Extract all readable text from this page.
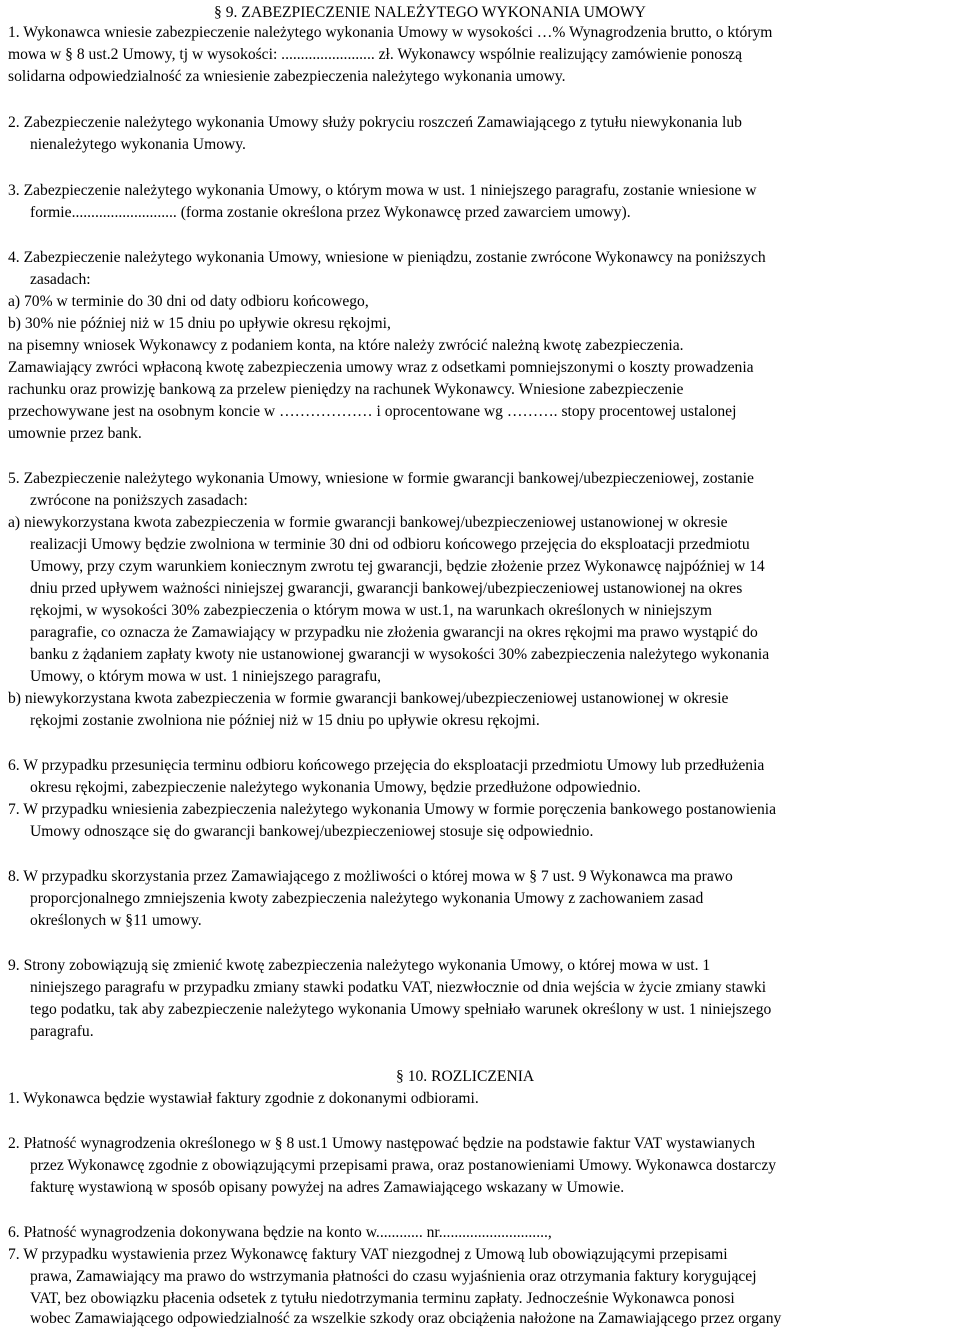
§ 9. ZABEZPIECZENIE NALEŻYTEGO WYKONANIA UMOWY
1. Wykonawca wniesie zabezpieczenie należytego wykonania Umowy w wysokości …% Wynagrodzenia brutto, o którym
mowa w § 8 ust.2 Umowy, tj w wysokości: ........................ zł. Wykonawcy wspólnie realizujący zamówienie ponoszą
solidarna odpowiedzialność za wniesienie zabezpieczenia należytego wykonania umowy.
2. Zabezpieczenie należytego wykonania Umowy służy pokryciu roszczeń Zamawiającego z tytułu niewykonania lub
nienależytego wykonania Umowy.
3. Zabezpieczenie należytego wykonania Umowy, o którym mowa w ust. 1 niniejszego paragrafu, zostanie wniesione w
formie........................... (forma zostanie określona przez Wykonawcę przed zawarciem umowy).
4. Zabezpieczenie należytego wykonania Umowy, wniesione w pieniądzu, zostanie zwrócone Wykonawcy na poniższych
zasadach:
a) 70% w terminie do 30 dni od daty odbioru końcowego,
b) 30% nie później niż w 15 dniu po upływie okresu rękojmi,
na pisemny wniosek Wykonawcy z podaniem konta, na które należy zwrócić należną kwotę zabezpieczenia.
Zamawiający zwróci wpłaconą kwotę zabezpieczenia umowy wraz z odsetkami pomniejszonymi o koszty prowadzenia
rachunku oraz prowizję bankową za przelew pieniędzy na rachunek Wykonawcy. Wniesione zabezpieczenie
przechowywane jest na osobnym koncie w ……………… i oprocentowane wg ………. stopy procentowej ustalonej
umownie przez bank.
5. Zabezpieczenie należytego wykonania Umowy, wniesione w formie gwarancji bankowej/ubezpieczeniowej, zostanie
zwrócone na poniższych zasadach:
a) niewykorzystana kwota zabezpieczenia w formie gwarancji bankowej/ubezpieczeniowej ustanowionej w okresie
realizacji Umowy będzie zwolniona w terminie 30 dni od odbioru końcowego przejęcia do eksploatacji przedmiotu
Umowy, przy czym warunkiem koniecznym zwrotu tej gwarancji, będzie złożenie przez Wykonawcę najpóźniej w 14
dniu przed upływem ważności niniejszej gwarancji, gwarancji bankowej/ubezpieczeniowej ustanowionej na okres
rękojmi, w wysokości 30% zabezpieczenia o którym mowa w ust.1, na warunkach określonych w niniejszym
paragrafie, co oznacza że Zamawiający w przypadku nie złożenia gwarancji na okres rękojmi ma prawo wystąpić do
banku z żądaniem zapłaty kwoty nie ustanowionej gwarancji w wysokości 30% zabezpieczenia należytego wykonania
Umowy, o którym mowa w ust. 1 niniejszego paragrafu,
b) niewykorzystana kwota zabezpieczenia w formie gwarancji bankowej/ubezpieczeniowej ustanowionej w okresie
rękojmi zostanie zwolniona nie później niż w 15 dniu po upływie okresu rękojmi.
6. W przypadku przesunięcia terminu odbioru końcowego przejęcia do eksploatacji przedmiotu Umowy lub przedłużenia
okresu rękojmi, zabezpieczenie należytego wykonania Umowy, będzie przedłużone odpowiednio.
7. W przypadku wniesienia zabezpieczenia należytego wykonania Umowy w formie poręczenia bankowego postanowienia
Umowy odnoszące się do gwarancji bankowej/ubezpieczeniowej stosuje się odpowiednio.
8. W przypadku skorzystania przez Zamawiającego z możliwości o której mowa w § 7 ust. 9 Wykonawca ma prawo
proporcjonalnego zmniejszenia kwoty zabezpieczenia należytego wykonania Umowy z zachowaniem zasad
określonych w §11 umowy.
9. Strony zobowiązują się zmienić kwotę zabezpieczenia należytego wykonania Umowy, o której mowa w ust. 1
niniejszego paragrafu w przypadku zmiany stawki podatku VAT, niezwłocznie od dnia wejścia w życie zmiany stawki
tego podatku, tak aby zabezpieczenie należytego wykonania Umowy spełniało warunek określony w ust. 1 niniejszego
paragrafu.
§ 10. ROZLICZENIA
1. Wykonawca będzie wystawiał faktury zgodnie z dokonanymi odbiorami.
2. Płatność wynagrodzenia określonego w § 8 ust.1 Umowy następować będzie na podstawie faktur VAT wystawianych
przez Wykonawcę zgodnie z obowiązującymi przepisami prawa, oraz postanowieniami Umowy. Wykonawca dostarczy
fakturę wystawioną w sposób opisany powyżej na adres Zamawiającego wskazany w Umowie.
6. Płatność wynagrodzenia dokonywana będzie na konto w............ nr............................,
7. W przypadku wystawienia przez Wykonawcę faktury VAT niezgodnej z Umową lub obowiązującymi przepisami
prawa, Zamawiający ma prawo do wstrzymania płatności do czasu wyjaśnienia oraz otrzymania faktury korygującej
VAT, bez obowiązku płacenia odsetek z tytułu niedotrzymania terminu zapłaty. Jednocześnie Wykonawca ponosi
wobec Zamawiającego odpowiedzialność za wszelkie szkody oraz obciążenia nałożone na Zamawiającego przez organy
